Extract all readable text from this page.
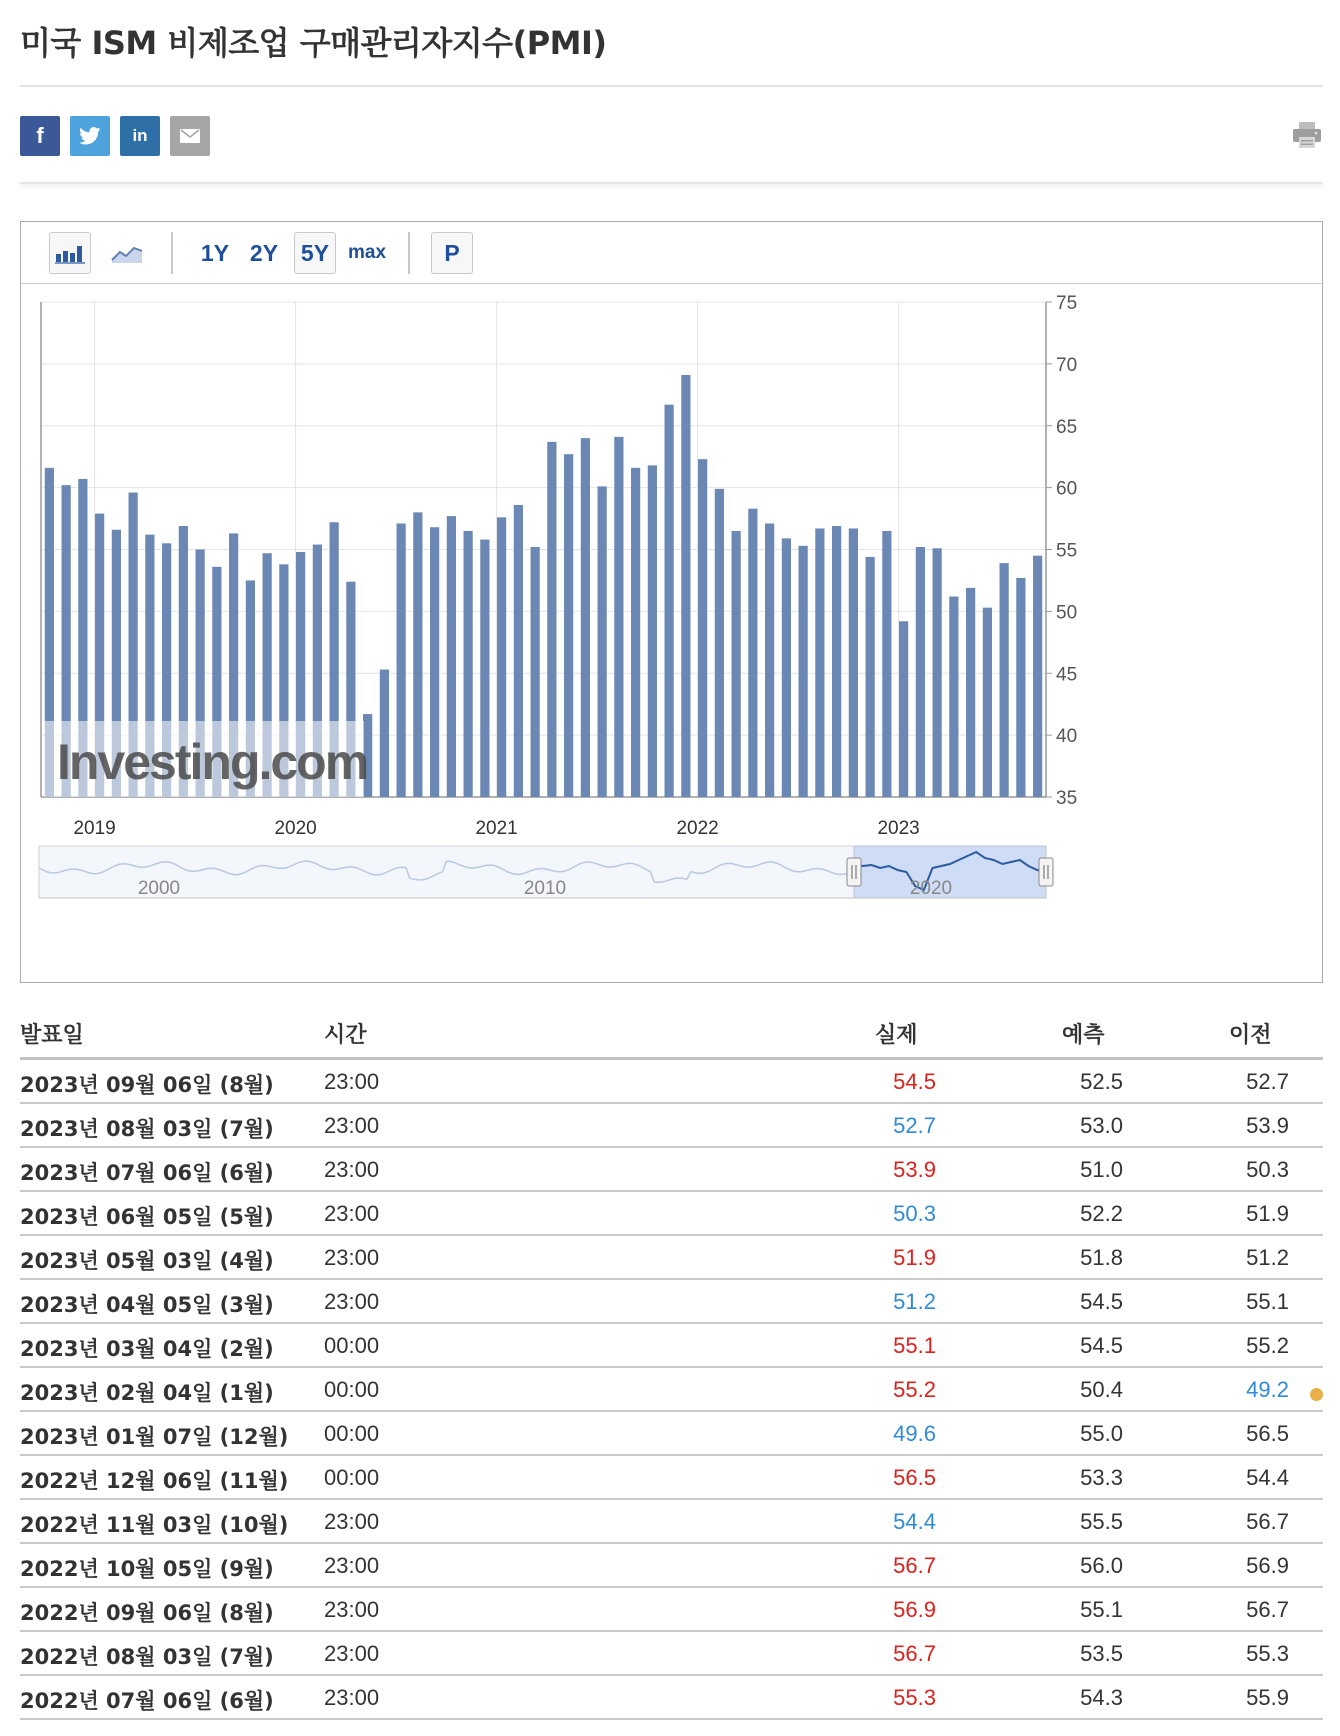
미국 ISM 비제조업 구매관리자지수(PMI)
f	in
1Y 2Y 5Y max	P
35
40
45
50
55
60
65
70
75
2019	2020	2021	2022	2023
Investing.com
2000	2010	2020
발표일	시간	실제	예측	이전
2023년 09월 06일 (8월) 23:00	54.5	52.5	52.7
2023년 08월 03일 (7월) 23:00	52.7	53.0	53.9
2023년 07월 06일 (6월) 23:00	53.9	51.0	50.3
2023년 06월 05일 (5월) 23:00	50.3	52.2	51.9
2023년 05월 03일 (4월) 23:00	51.9	51.8	51.2
2023년 04월 05일 (3월) 23:00	51.2	54.5	55.1
2023년 03월 04일 (2월) 00:00	55.1	54.5	55.2
2023년 02월 04일 (1월) 00:00	55.2	50.4	49.2
2023년 01월 07일 (12월) 00:00	49.6	55.0	56.5
2022년 12월 06일 (11월) 00:00	56.5	53.3	54.4
2022년 11월 03일 (10월) 23:00	54.4	55.5	56.7
2022년 10월 05일 (9월) 23:00	56.7	56.0	56.9
2022년 09월 06일 (8월) 23:00	56.9	55.1	56.7
2022년 08월 03일 (7월) 23:00	56.7	53.5	55.3
2022년 07월 06일 (6월) 23:00	55.3	54.3	55.9
